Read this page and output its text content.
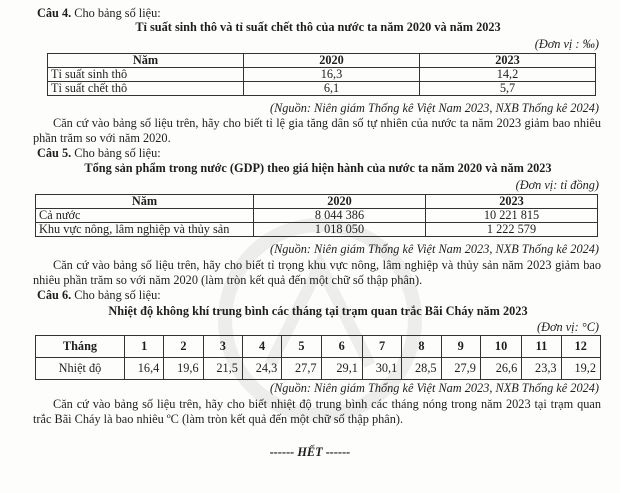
Câu 4. Cho bảng số liệu:
Tỉ suất sinh thô và tỉ suất chết thô của nước ta năm 2020 và năm 2023
(Đơn vị : ‰)
Năm	2020	2023
Tỉ suất sinh thô	16,3	14,2
Tỉ suất chết thô	6,1	5,7
(Nguồn: Niên giám Thống kê Việt Nam 2023, NXB Thống kê 2024)

Căn cứ vào bảng số liệu trên, hãy cho biết tỉ lệ gia tăng dân số tự nhiên của nước ta năm 2023 giảm bao nhiêu phần trăm so với năm 2020.

Câu 5. Cho bảng số liệu:
Tổng sản phẩm trong nước (GDP) theo giá hiện hành của nước ta năm 2020 và năm 2023
(Đơn vị: tỉ đồng)
Năm	2020	2023
Cả nước	8 044 386	10 221 815
Khu vực nông, lâm nghiệp và thủy sản	1 018 050	1 222 579
(Nguồn: Niên giám Thống kê Việt Nam 2023, NXB Thống kê 2024)

Căn cứ vào bảng số liệu trên, hãy cho biết tỉ trọng khu vực nông, lâm nghiệp và thủy sản năm 2023 giảm bao nhiêu phần trăm so với năm 2020 (làm tròn kết quả đến một chữ số thập phân).

Câu 6. Cho bảng số liệu:
Nhiệt độ không khí trung bình các tháng tại trạm quan trắc Bãi Cháy năm 2023
(Đơn vị: °C)
Tháng	1	2	3	4	5	6	7	8	9	10	11	12
Nhiệt độ	16,4	19,6	21,5	24,3	27,7	29,1	30,1	28,5	27,9	26,6	23,3	19,2
(Nguồn: Niên giám Thống kê Việt Nam 2023, NXB Thống kê 2024)

Căn cứ vào bảng số liệu trên, hãy cho biết nhiệt độ trung bình các tháng nóng trong năm 2023 tại trạm quan trắc Bãi Cháy là bao nhiêu ºC (làm tròn kết quả đến một chữ số thập phân).

------ HẾT ------
